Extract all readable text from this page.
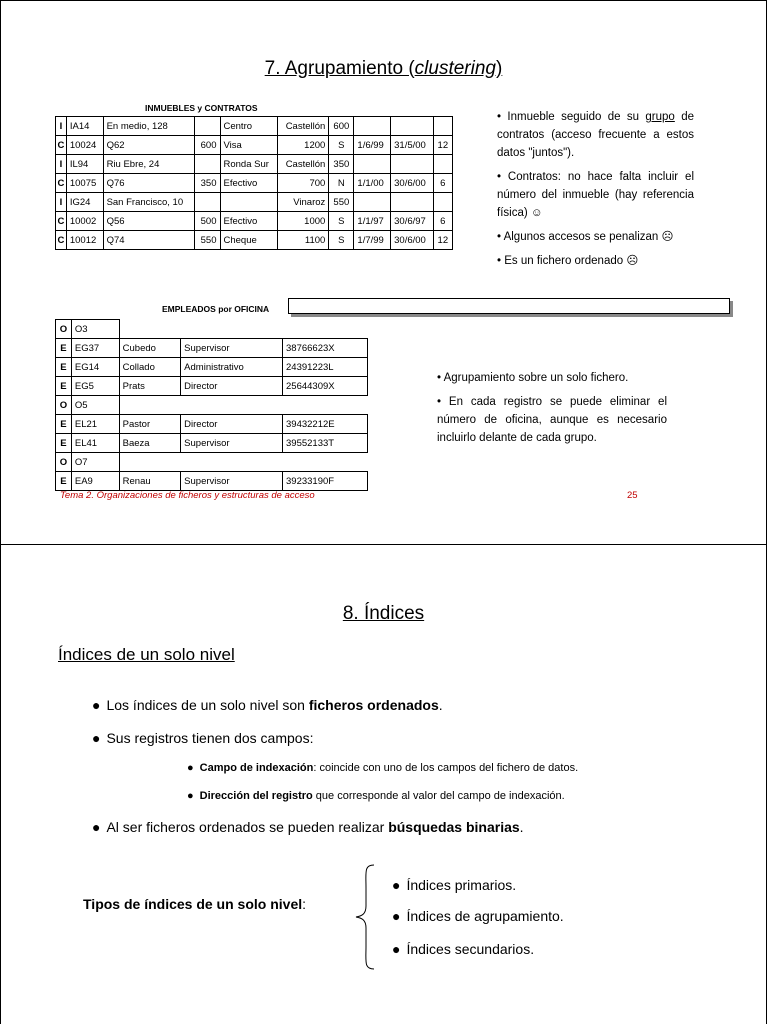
7. Agrupamiento (clustering)
INMUEBLES y CONTRATOS
I	IA14	En medio, 128		Centro	Castellón	600			
C	10024	Q62	600	Visa	1200	S	1/6/99	31/5/00	12
I	IL94	Riu Ebre, 24		Ronda Sur	Castellón	350			
C	10075	Q76	350	Efectivo	700	N	1/1/00	30/6/00	6
I	IG24	San Francisco, 10			Vinaroz	550			
C	10002	Q56	500	Efectivo	1000	S	1/1/97	30/6/97	6
C	10012	Q74	550	Cheque	1100	S	1/7/99	30/6/00	12

• Inmueble seguido de su grupo de contratos (acceso frecuente a estos datos "juntos").

• Contratos: no hace falta incluir el número del inmueble (hay referencia física) ☺

• Algunos accesos se penalizan ☹

• Es un fichero ordenado ☹

EMPLEADOS por OFICINA
O	O3			
E	EG37	Cubedo	Supervisor	38766623X
E	EG14	Collado	Administrativo	24391223L
E	EG5	Prats	Director	25644309X
O	O5			
E	EL21	Pastor	Director	39432212E
E	EL41	Baeza	Supervisor	39552133T
O	O7			
E	EA9	Renau	Supervisor	39233190F

• Agrupamiento sobre un solo fichero.

• En cada registro se puede eliminar el número de oficina, aunque es necesario incluirlo delante de cada grupo.

Tema 2. Organizaciones de ficheros y estructuras de acceso	25
8. Índices
Índices de un solo nivel
● Los índices de un solo nivel son ficheros ordenados.
● Sus registros tienen dos campos:
● Campo de indexación: coincide con uno de los campos del fichero de datos.
● Dirección del registro que corresponde al valor del campo de indexación.
● Al ser ficheros ordenados se pueden realizar búsquedas binarias.
Tipos de índices de un solo nivel:
● Índices primarios.
● Índices de agrupamiento.
● Índices secundarios.
